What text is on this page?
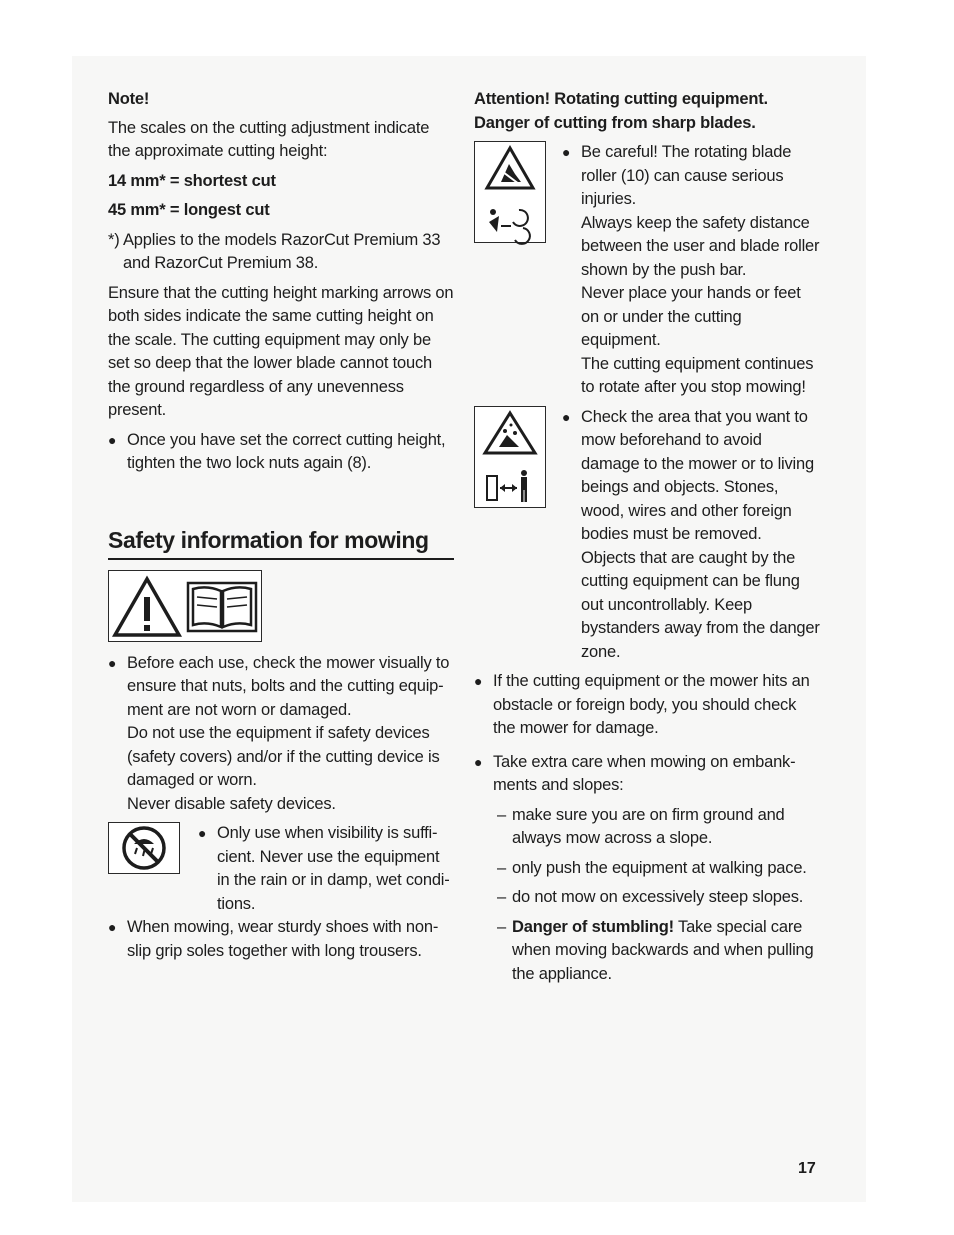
Note!

The scales on the cutting adjustment indicate the approximate cutting height:

14 mm* = shortest cut

45 mm* = longest cut

*) Applies to the models RazorCut Premium 33 and RazorCut Premium 38.

Ensure that the cutting height marking arrows on both sides indicate the same cutting height on the scale. The cutting equipment may only be set so deep that the lower blade cannot touch the ground regardless of any unevenness present.

● Once you have set the correct cutting height, tighten the two lock nuts again (8).

Safety information for mowing

● Before each use, check the mower visually to ensure that nuts, bolts and the cutting equip-ment are not worn or damaged.

Do not use the equipment if safety devices (safety covers) and/or if the cutting device is damaged or worn.

Never disable safety devices.

● Only use when visibility is suffi-cient. Never use the equipment in the rain or in damp, wet condi-tions.

● When mowing, wear sturdy shoes with non-slip grip soles together with long trousers.

Attention! Rotating cutting equipment. Danger of cutting from sharp blades.

● Be careful! The rotating blade roller (10) can cause serious injuries.

Always keep the safety distance between the user and blade roller shown by the push bar.

Never place your hands or feet on or under the cutting equipment.

The cutting equipment continues to rotate after you stop mowing!

● Check the area that you want to mow beforehand to avoid damage to the mower or to living beings and objects. Stones, wood, wires and other foreign bodies must be removed. Objects that are caught by the cutting equipment can be flung out uncontrollably. Keep bystanders away from the danger zone.

● If the cutting equipment or the mower hits an obstacle or foreign body, you should check the mower for damage.

● Take extra care when mowing on embank-ments and slopes:

– make sure you are on firm ground and always mow across a slope.

– only push the equipment at walking pace.

– do not mow on excessively steep slopes.

– Danger of stumbling! Take special care when moving backwards and when pulling the appliance.

17
